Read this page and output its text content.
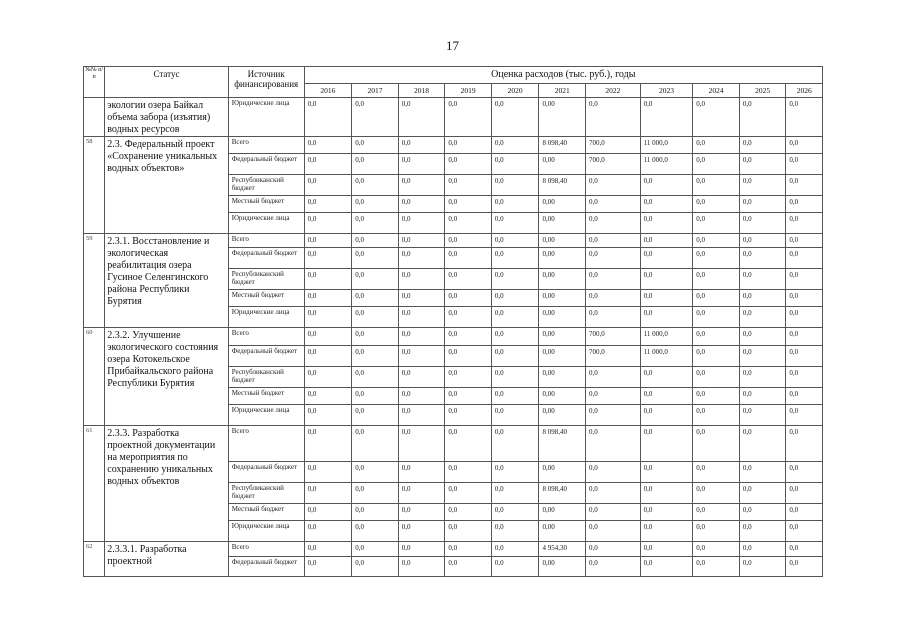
17
№№ п/п	Статус	Источник финансирования	Оценка расходов (тыс. руб.), годы										
			2016	2017	2018	2019	2020	2021	2022	2023	2024	2025	2026
	экологии озера Байкал объема забора (изъятия) водных ресурсов	Юридические лица	0,0	0,0	0,0	0,0	0,0	0,00	0,0	0,0	0,0	0,0	0,0
58	2.3. Федеральный проект «Сохранение уникальных водных объектов»	Всего	0,0	0,0	0,0	0,0	0,0	8 098,40	700,0	11 000,0	0,0	0,0	0,0
		Федеральный бюджет	0,0	0,0	0,0	0,0	0,0	0,00	700,0	11 000,0	0,0	0,0	0,0
		Республиканский бюджет	0,0	0,0	0,0	0,0	0,0	8 098,40	0,0	0,0	0,0	0,0	0,0
		Местный бюджет	0,0	0,0	0,0	0,0	0,0	0,00	0,0	0,0	0,0	0,0	0,0
		Юридические лица	0,0	0,0	0,0	0,0	0,0	0,00	0,0	0,0	0,0	0,0	0,0
59	2.3.1. Восстановление и экологическая реабилитация озера Гусиное Селенгинского района Республики Бурятия	Всего	0,0	0,0	0,0	0,0	0,0	0,00	0,0	0,0	0,0	0,0	0,0
		Федеральный бюджет	0,0	0,0	0,0	0,0	0,0	0,00	0,0	0,0	0,0	0,0	0,0
		Республиканский бюджет	0,0	0,0	0,0	0,0	0,0	0,00	0,0	0,0	0,0	0,0	0,0
		Местный бюджет	0,0	0,0	0,0	0,0	0,0	0,00	0,0	0,0	0,0	0,0	0,0
		Юридические лица	0,0	0,0	0,0	0,0	0,0	0,00	0,0	0,0	0,0	0,0	0,0
60	2.3.2. Улучшение экологического состояния озера Котокельское Прибайкальского района Республики Бурятия	Всего	0,0	0,0	0,0	0,0	0,0	0,00	700,0	11 000,0	0,0	0,0	0,0
		Федеральный бюджет	0,0	0,0	0,0	0,0	0,0	0,00	700,0	11 000,0	0,0	0,0	0,0
		Республиканский бюджет	0,0	0,0	0,0	0,0	0,0	0,00	0,0	0,0	0,0	0,0	0,0
		Местный бюджет	0,0	0,0	0,0	0,0	0,0	0,00	0,0	0,0	0,0	0,0	0,0
		Юридические лица	0,0	0,0	0,0	0,0	0,0	0,00	0,0	0,0	0,0	0,0	0,0
61	2.3.3. Разработка проектной документации на мероприятия по сохранению уникальных водных объектов	Всего	0,0	0,0	0,0	0,0	0,0	8 098,40	0,0	0,0	0,0	0,0	0,0
		Федеральный бюджет	0,0	0,0	0,0	0,0	0,0	0,00	0,0	0,0	0,0	0,0	0,0
		Республиканский бюджет	0,0	0,0	0,0	0,0	0,0	8 098,40	0,0	0,0	0,0	0,0	0,0
		Местный бюджет	0,0	0,0	0,0	0,0	0,0	0,00	0,0	0,0	0,0	0,0	0,0
		Юридические лица	0,0	0,0	0,0	0,0	0,0	0,00	0,0	0,0	0,0	0,0	0,0
62	2.3.3.1. Разработка проектной	Всего	0,0	0,0	0,0	0,0	0,0	4 954,30	0,0	0,0	0,0	0,0	0,0
		Федеральный бюджет	0,0	0,0	0,0	0,0	0,0	0,00	0,0	0,0	0,0	0,0	0,0
